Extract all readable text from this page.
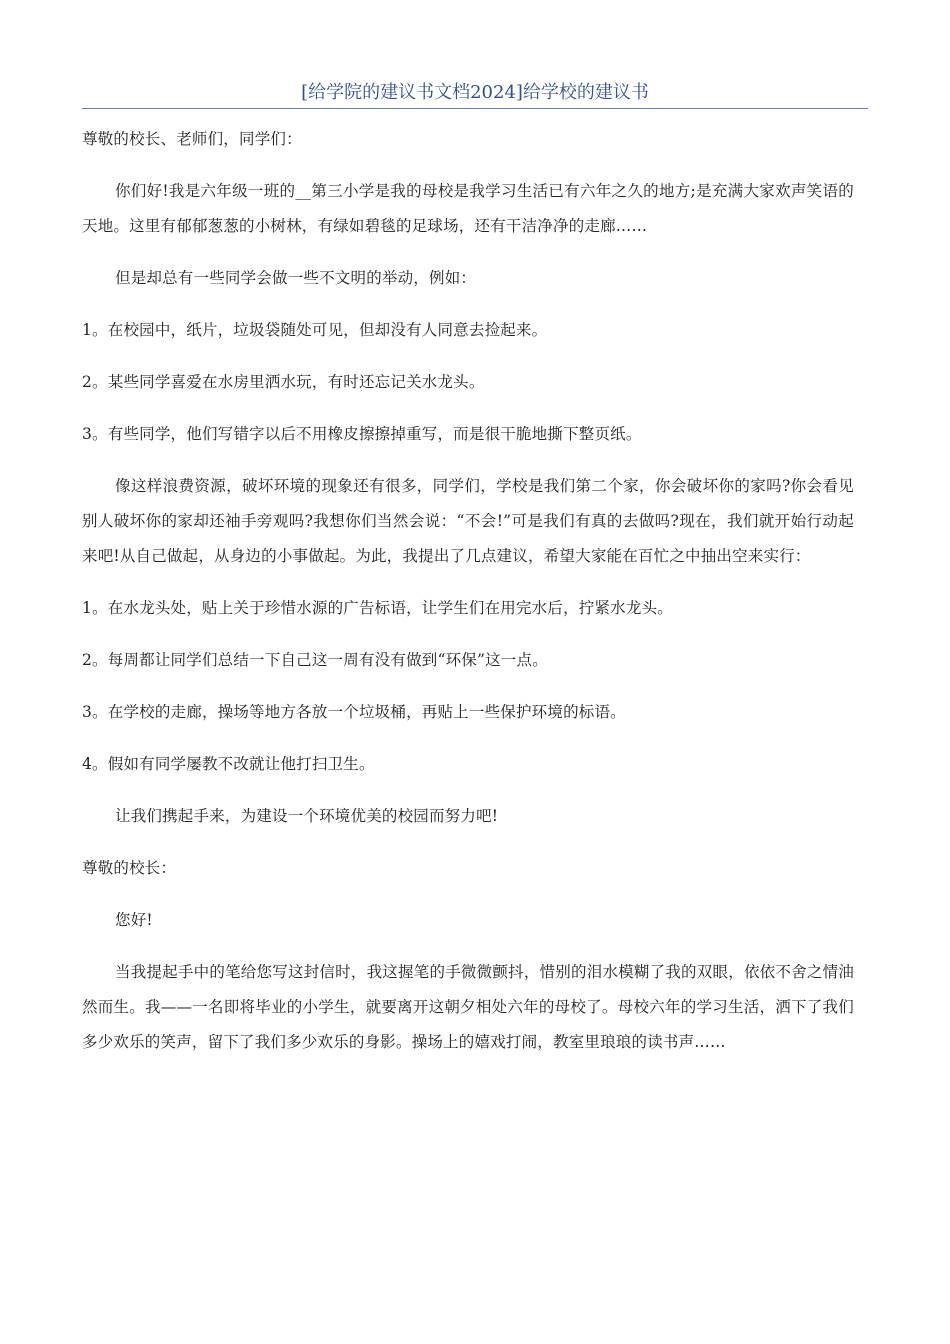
[给学院的建议书文档2024]给学校的建议书

尊敬的校长、老师们，同学们：

你们好!我是六年级一班的__第三小学是我的母校是我学习生活已有六年之久的地方;是充满大家欢声笑语的天地。这里有郁郁葱葱的小树林，有绿如碧毯的足球场，还有干洁净净的走廊……

但是却总有一些同学会做一些不文明的举动，例如：

1。在校园中，纸片，垃圾袋随处可见，但却没有人同意去捡起来。

2。某些同学喜爱在水房里洒水玩，有时还忘记关水龙头。

3。有些同学，他们写错字以后不用橡皮擦擦掉重写，而是很干脆地撕下整页纸。

像这样浪费资源，破坏环境的现象还有很多，同学们，学校是我们第二个家，你会破坏你的家吗?你会看见别人破坏你的家却还袖手旁观吗?我想你们当然会说：“不会!”可是我们有真的去做吗?现在，我们就开始行动起来吧!从自己做起，从身边的小事做起。为此，我提出了几点建议，希望大家能在百忙之中抽出空来实行：

1。在水龙头处，贴上关于珍惜水源的广告标语，让学生们在用完水后，拧紧水龙头。

2。每周都让同学们总结一下自己这一周有没有做到“环保”这一点。

3。在学校的走廊，操场等地方各放一个垃圾桶，再贴上一些保护环境的标语。

4。假如有同学屡教不改就让他打扫卫生。

让我们携起手来，为建设一个环境优美的校园而努力吧!

尊敬的校长：

您好!

当我提起手中的笔给您写这封信时，我这握笔的手微微颤抖，惜别的泪水模糊了我的双眼，依依不舍之情油然而生。我——一名即将毕业的小学生，就要离开这朝夕相处六年的母校了。母校六年的学习生活，洒下了我们多少欢乐的笑声，留下了我们多少欢乐的身影。操场上的嬉戏打闹，教室里琅琅的读书声……
